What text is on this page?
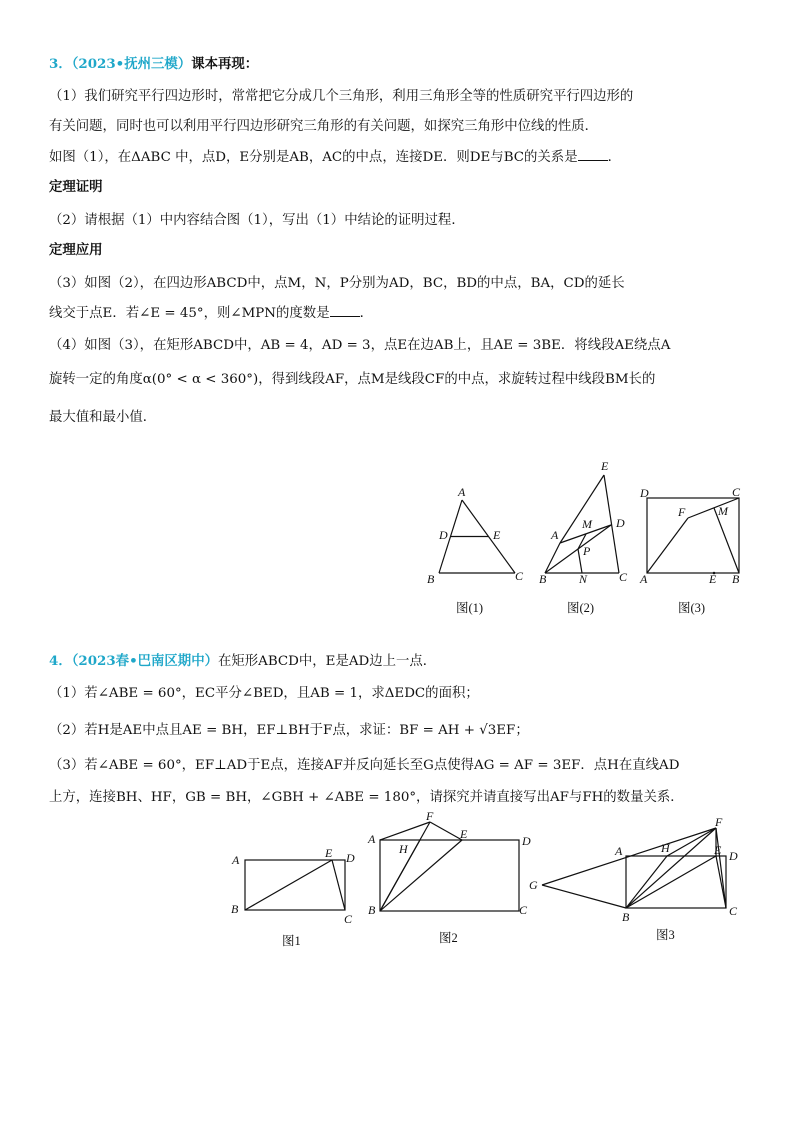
3．（2023•抚州三模）课本再现：
（1）我们研究平行四边形时，常常把它分成几个三角形，利用三角形全等的性质研究平行四边形的
有关问题，同时也可以利用平行四边形研究三角形的有关问题，如探究三角形中位线的性质．
如图（1），在ΔABC 中，点D，E分别是AB，AC的中点，连接DE．则DE与BC的关系是 ．
定理证明
（2）请根据（1）中内容结合图（1），写出（1）中结论的证明过程．
定理应用
（3）如图（2），在四边形ABCD中，点M，N，P分别为AD，BC，BD的中点，BA，CD的延长
线交于点E．若∠E = 45°，则∠MPN的度数是 ．
（4）如图（3），在矩形ABCD中，AB = 4，AD = 3，点E在边AB上，且AE = 3BE．将线段AE绕点A
旋转一定的角度α(0° < α < 360°)，得到线段AF，点M是线段CF的中点，求旋转过程中线段BM长的
最大值和最小值．
A
D	E
B	C
图(1)
E
M D
A
P
B	N	C
图(2)
D	C
F	M
A	E B
图(3)
4．（2023春•巴南区期中）在矩形ABCD中，E是AD边上一点．
（1）若∠ABE = 60°，EC平分∠BED，且AB = 1，求ΔEDC的面积；
（2）若H是AE中点且AE = BH，EF⊥BH于F点，求证：BF = AH + √3EF；
（3）若∠ABE = 60°，EF⊥AD于E点，连接AF并反向延长至G点使得AG = AF = 3EF．点H在直线AD
上方，连接BH、HF，GB = BH，∠GBH + ∠ABE = 180°，请探究并请直接写出AF与FH的数量关系．
A	E D
B
C
图1
F
A	E	D
H
B	C
图2
F
A	H	E D
G
B	C
图3
